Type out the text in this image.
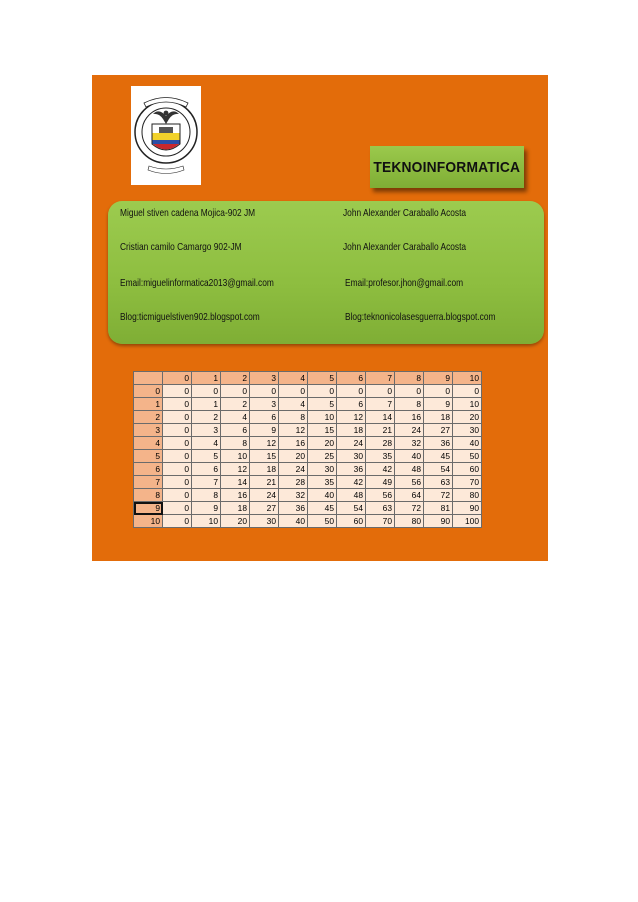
TEKNOINFORMATICA
Miguel stiven cadena Mojica-902 JM
Cristian camilo Camargo 902-JM
Email:miguelinformatica2013@gmail.com
Blog:ticmiguelstiven902.blogspot.com
John Alexander Caraballo Acosta
John Alexander Caraballo Acosta
Email:profesor.jhon@gmail.com
Blog:teknonicolasesguerra.blogspot.com
	0	1	2	3	4	5	6	7	8	9	10
0	0	0	0	0	0	0	0	0	0	0	0
1	0	1	2	3	4	5	6	7	8	9	10
2	0	2	4	6	8	10	12	14	16	18	20
3	0	3	6	9	12	15	18	21	24	27	30
4	0	4	8	12	16	20	24	28	32	36	40
5	0	5	10	15	20	25	30	35	40	45	50
6	0	6	12	18	24	30	36	42	48	54	60
7	0	7	14	21	28	35	42	49	56	63	70
8	0	8	16	24	32	40	48	56	64	72	80
9	0	9	18	27	36	45	54	63	72	81	90
10	0	10	20	30	40	50	60	70	80	90	100
